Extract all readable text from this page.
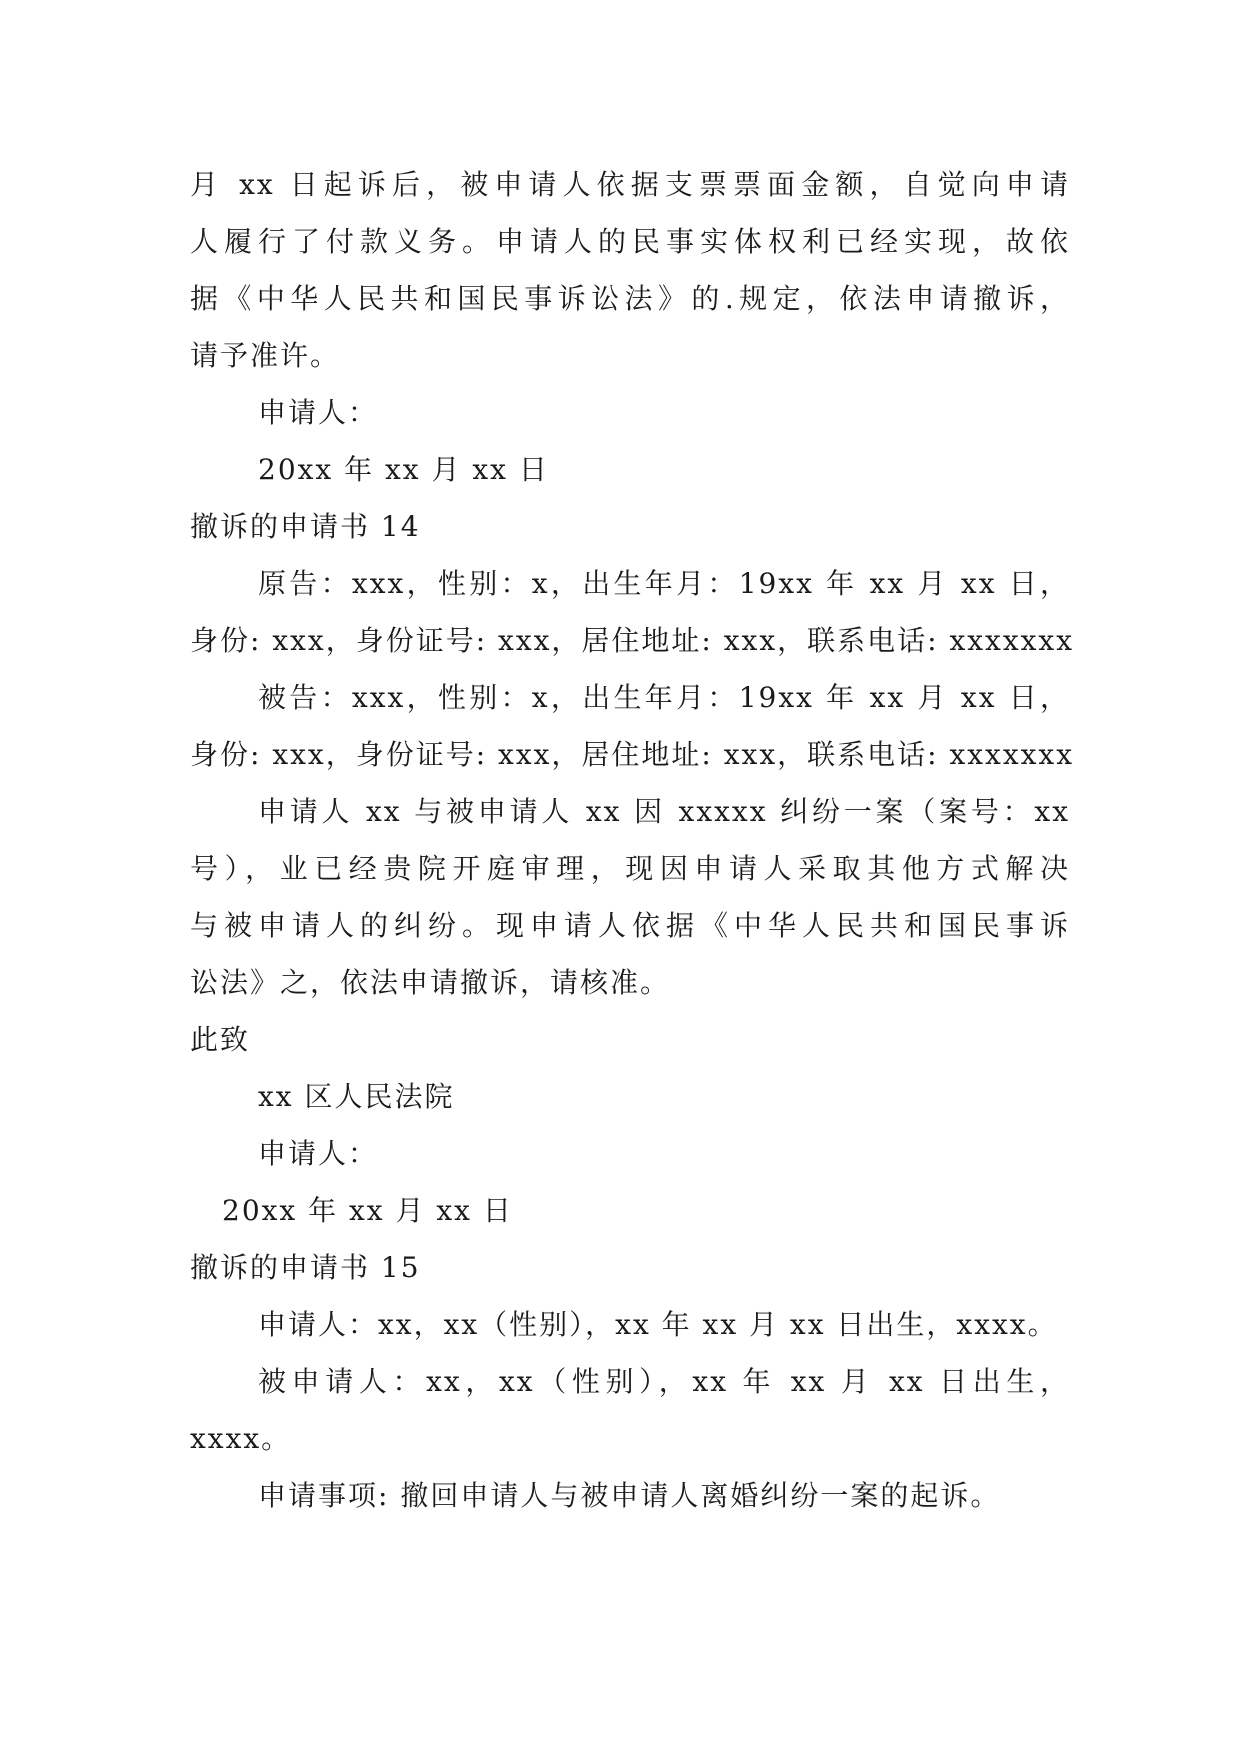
月 xx 日起诉后，被申请人依据支票票面金额，自觉向申请
人履行了付款义务。申请人的民事实体权利已经实现，故依
据《中华人民共和国民事诉讼法》的.规定，依法申请撤诉，
请予准许。
申请人：
20xx 年 xx 月 xx 日
撤诉的申请书 14
原告：xxx，性别：x，出生年月：19xx 年 xx 月 xx 日，
身份: xxx，身份证号: xxx，居住地址: xxx，联系电话: xxxxxxx
被告：xxx，性别：x，出生年月：19xx 年 xx 月 xx 日，
身份: xxx，身份证号: xxx，居住地址: xxx，联系电话: xxxxxxx
申请人 xx 与被申请人 xx 因 xxxxx 纠纷一案（案号：xx
号），业已经贵院开庭审理，现因申请人采取其他方式解决
与被申请人的纠纷。现申请人依据《中华人民共和国民事诉
讼法》之，依法申请撤诉，请核准。
此致
xx 区人民法院
申请人：
20xx 年 xx 月 xx 日
撤诉的申请书 15
申请人：xx，xx（性别），xx 年 xx 月 xx 日出生，xxxx。
被申请人：xx，xx（性别），xx 年 xx 月 xx 日出生，
xxxx。
申请事项: 撤回申请人与被申请人离婚纠纷一案的起诉。
